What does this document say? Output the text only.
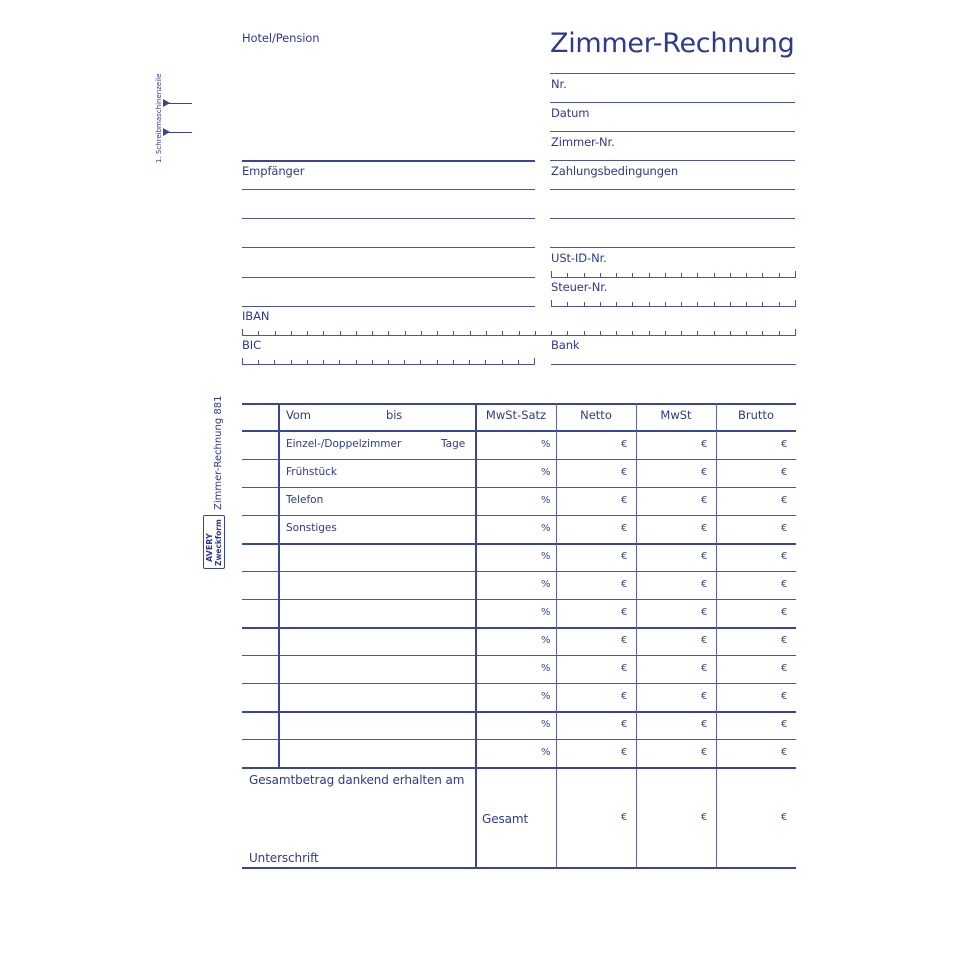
1. Schreibmaschinenzeile
Hotel/Pension	Zimmer-Rechnung
Nr.
Datum
Zimmer-Nr.
Zahlungsbedingungen
USt-ID-Nr.
Steuer-Nr.
Empfänger
IBAN
BIC	Bank
Zimmer-Rechnung 881
AVERY Zweckform
Vom	bis	MwSt-Satz	Netto	MwSt	Brutto
Einzel-/Doppelzimmer	Tage	%	€	€	€
Frühstück	%	€	€	€
Telefon	%	€	€	€
Sonstiges	%	€	€	€
%	€	€	€
%	€	€	€
%	€	€	€
%	€	€	€
%	€	€	€
%	€	€	€
%	€	€	€
%	€	€	€
Gesamtbetrag dankend erhalten am
Unterschrift
Gesamt	€	€	€
